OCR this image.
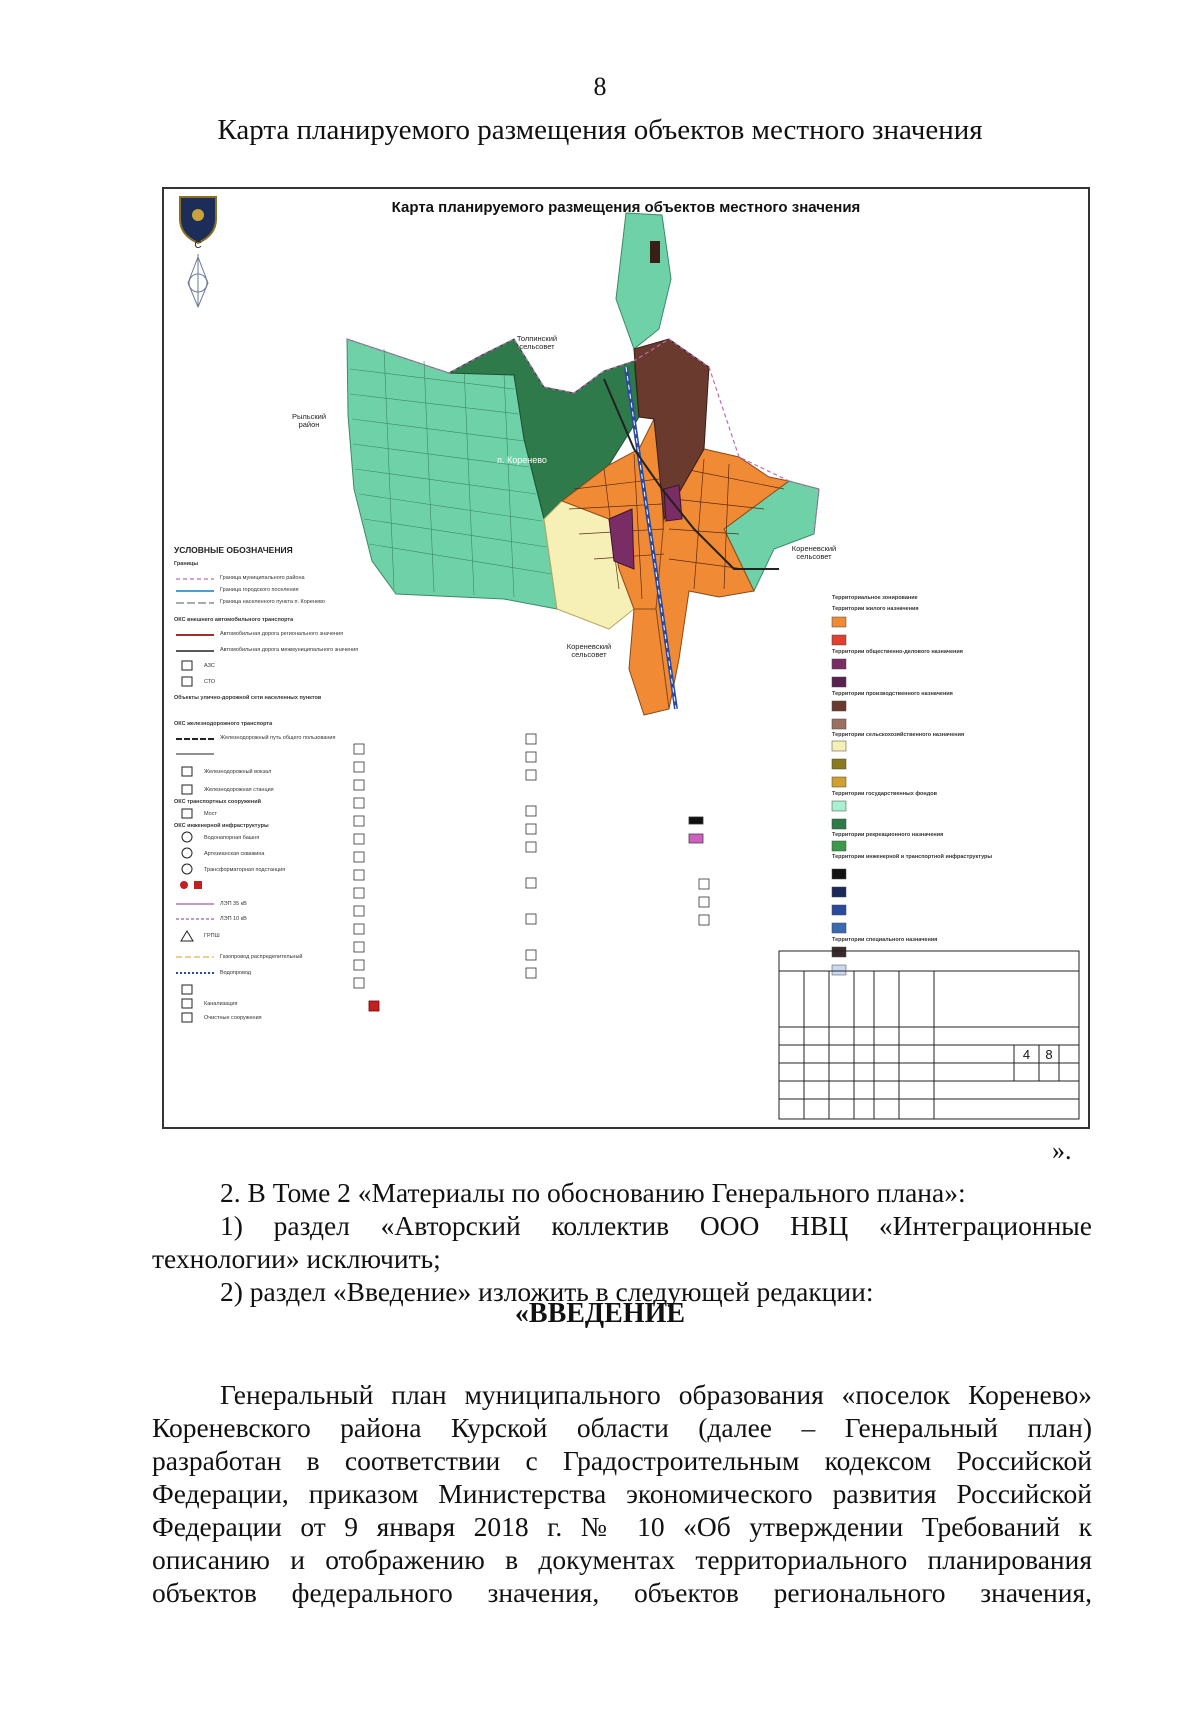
8
Карта планируемого размещения объектов местного значения
Карта планируемого размещения объектов местного значения
С
п. Коренево
Толпинский сельсовет
Рыльский район
Кореневский сельсовет
Кореневский сельсовет
УСЛОВНЫЕ ОБОЗНАЧЕНИЯ
Границы
Граница муниципального района
Граница городского поселения
Граница населенного пункта п. Коренево
ОКС внешнего автомобильного транспорта
Автомобильная дорога регионального значения
Автомобильная дорога межмуниципального значения
АЗС
СТО
Объекты улично-дорожной сети населенных пунктов
ОКС железнодорожного транспорта
Железнодорожный путь общего пользования
Железнодорожный вокзал
Железнодорожная станция
ОКС транспортных сооружений
Мост
ОКС инженерной инфраструктуры
Водонапорная башня
Артезианская скважина
Трансформаторная подстанция
ЛЭП 35 кВ
ЛЭП 10 кВ
ГРПШ
Газопровод распределительный
Водопровод
Канализация
Очистные сооружения
Территориальное зонирование
Территории жилого назначения
Территории общественно-делового назначения
Территории производственного назначения
Территории сельскохозяйственного назначения
Территории государственных фондов
Территории рекреационного назначения
Территории инженерной и транспортной инфраструктуры
Территории специального назначения
4	8
».

2. В Томе 2 «Материалы по обоснованию Генерального плана»:

1) раздел «Авторский коллектив ООО НВЦ «Интеграционные

технологии» исключить;

2) раздел «Введение» изложить в следующей редакции:

«ВВЕДЕНИЕ

Генеральный план муниципального образования «поселок Коренево»

Кореневского района Курской области (далее – Генеральный план)

разработан в соответствии с Градостроительным кодексом Российской

Федерации, приказом Министерства экономического развития Российской

Федерации от 9 января 2018 г. № 10 «Об утверждении Требований к

описанию и отображению в документах территориального планирования

объектов федерального значения, объектов регионального значения,
